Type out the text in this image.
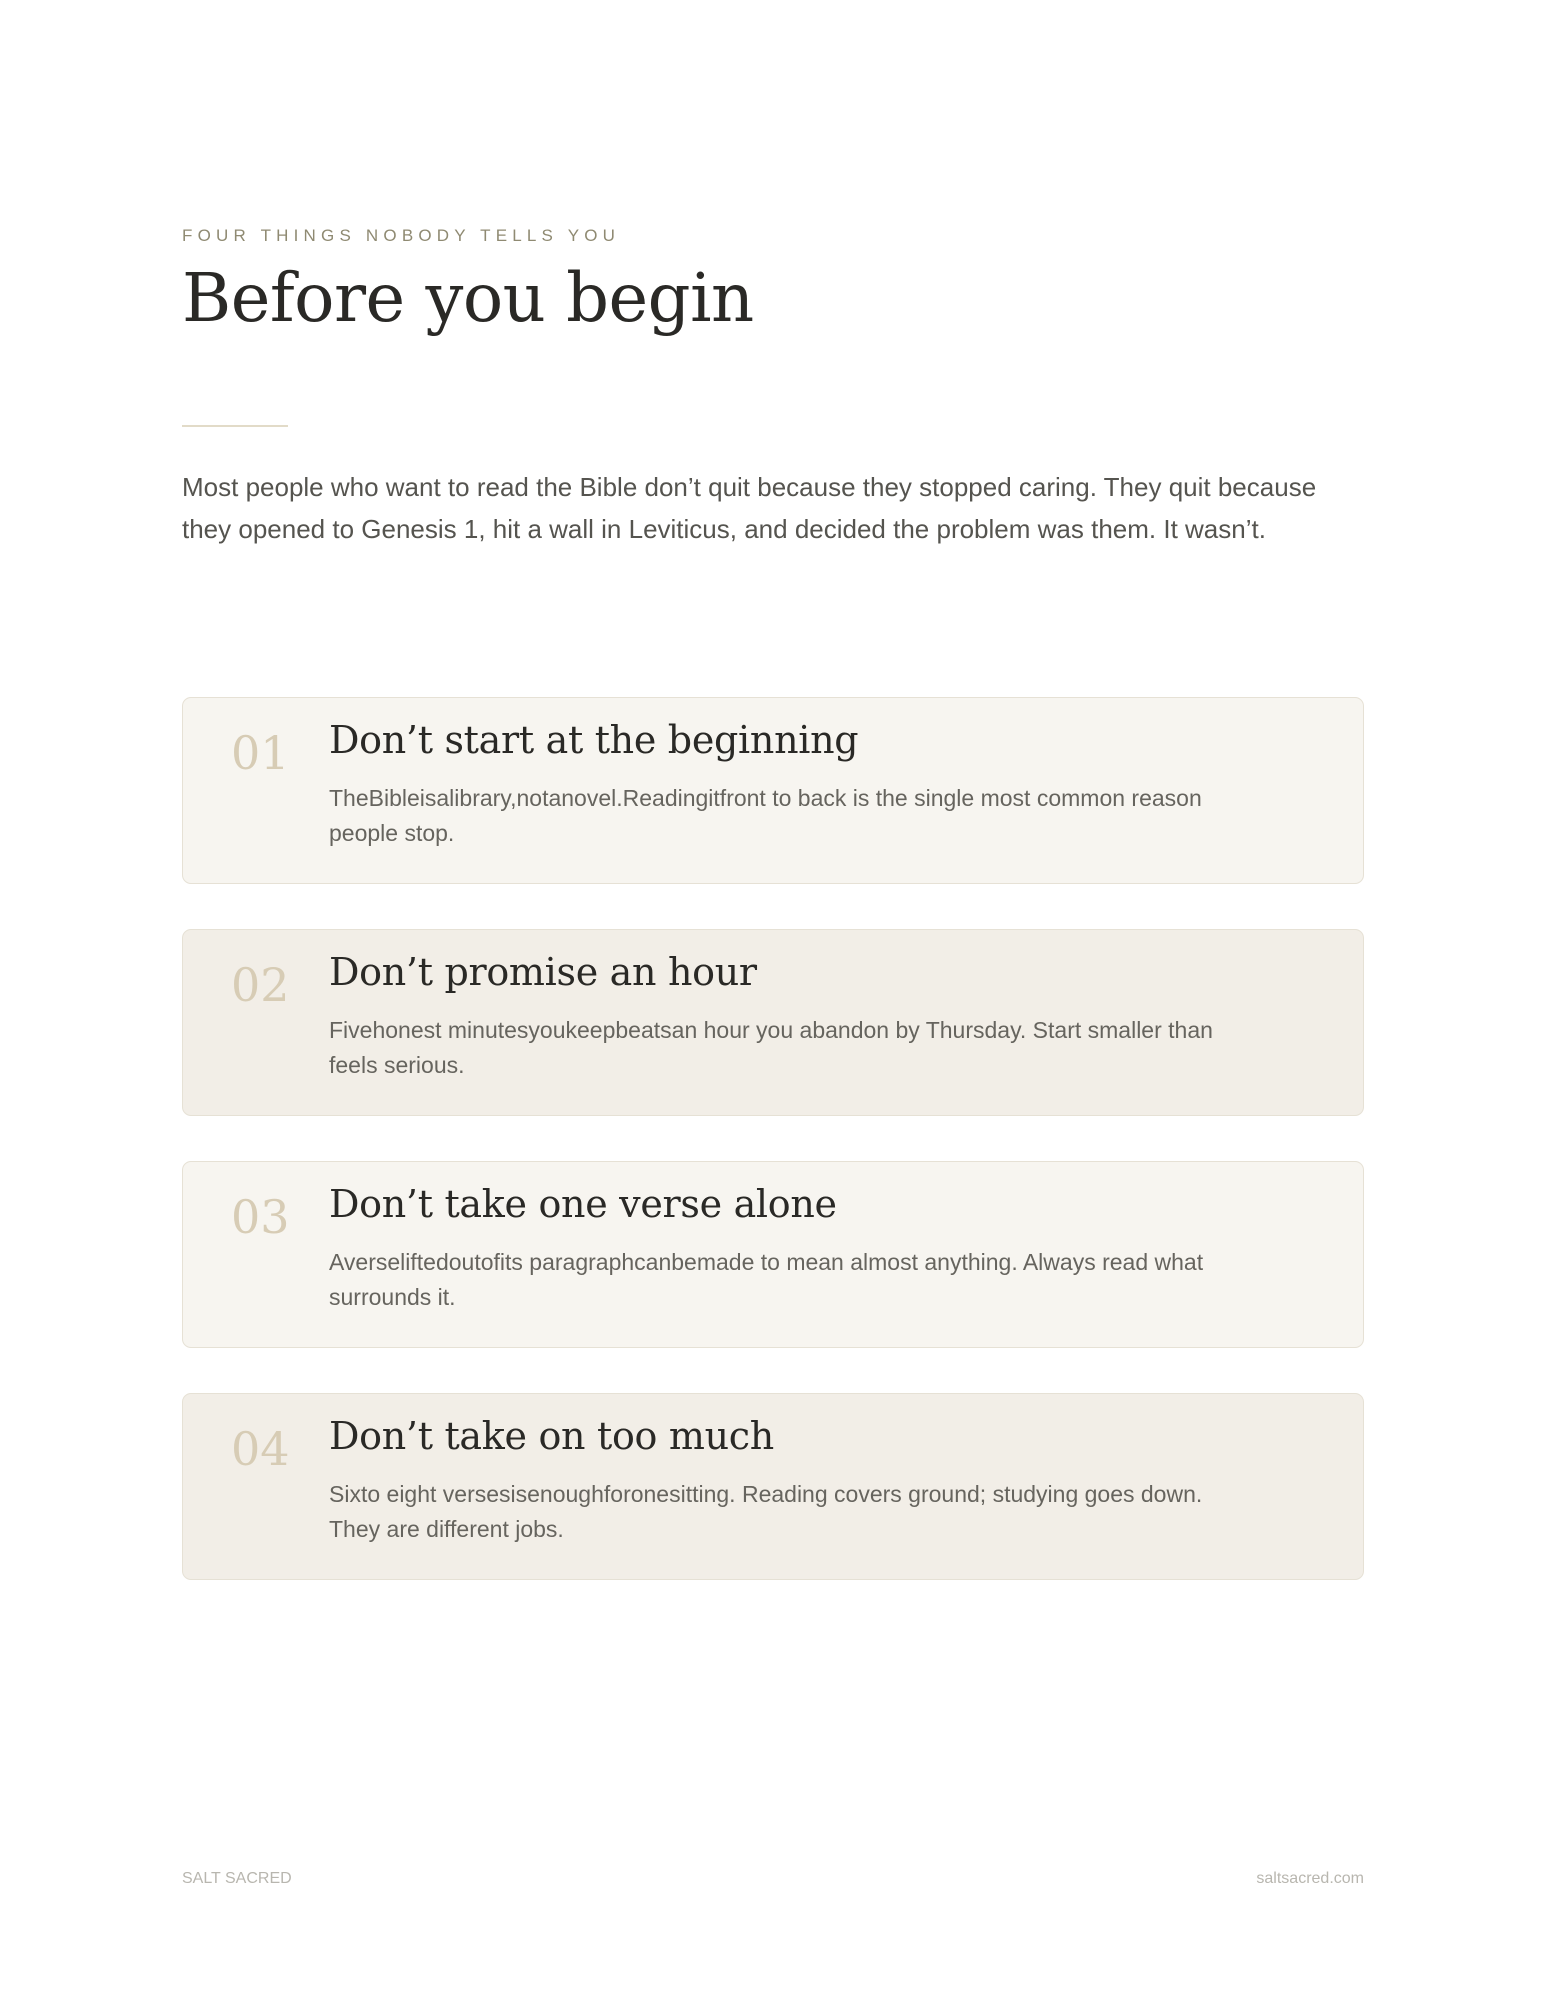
FOUR THINGS NOBODY TELLS YOU
Before you begin

Most people who want to read the Bible don’t quit because they stopped caring. They quit because they opened to Genesis 1, hit a wall in Leviticus, and decided the problem was them. It wasn’t.

01 Don’t start at the beginning
TheBibleisalibrary,notanovel.Readingitfront to back is the single most common reason people stop.
02 Don’t promise an hour
Fivehonest minutesyoukeepbeatsan hour you abandon by Thursday. Start smaller than feels serious.
03 Don’t take one verse alone
Averseliftedoutofits paragraphcanbemade to mean almost anything. Always read what surrounds it.
04 Don’t take on too much
Sixto eight versesisenoughforonesitting. Reading covers ground; studying goes down. They are different jobs.
SALT SACRED	saltsacred.com
